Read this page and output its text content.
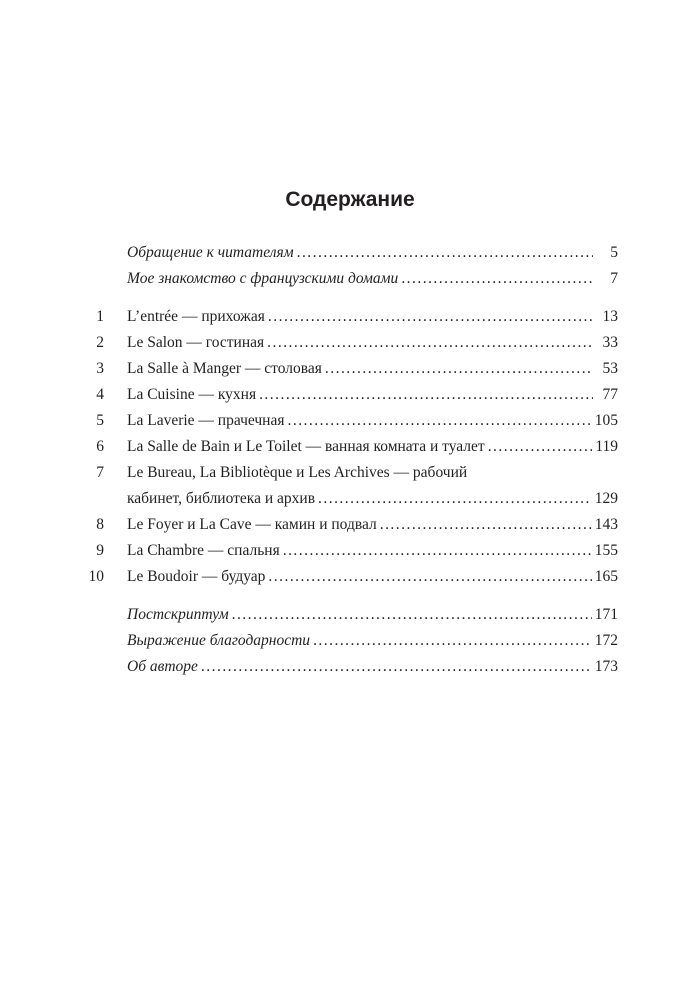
Содержание
Обращение к читателям . . .	5
Мое знакомство с французскими домами . . .	7
1 L’entrée — прихожая . . .	13
2 Le Salon — гостиная . . .	33
3 La Salle à Manger — столовая . . .	53
4 La Cuisine — кухня . . .	77
5 La Laverie — прачечная . . .	105
6 La Salle de Bain и Le Toilet — ванная комната и туалет . . .	119
7 Le Bureau, La Bibliotèque и Les Archives — рабочий
кабинет, библиотека и архив . . .	129
8 Le Foyer и La Cave — камин и подвал . . .	143
9 La Chambre — спальня . . .	155
10 Le Boudoir — будуар . . .	165
Постскриптум . . .	171
Выражение благодарности . . .	172
Об авторе . . .	173
